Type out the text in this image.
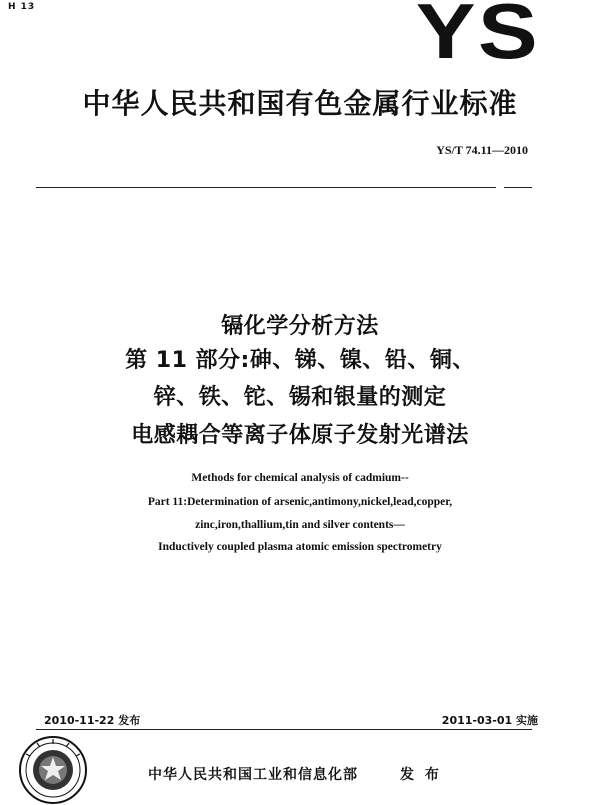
H 13	YS
中华人民共和国有色金属行业标准
YS/T 74.11—2010
镉化学分析方法
第 11 部分:砷、锑、镍、铅、铜、
锌、铁、铊、锡和银量的测定
电感耦合等离子体原子发射光谱法
Methods for chemical analysis of cadmium--
Part 11:Determination of arsenic,antimony,nickel,lead,copper,
zinc,iron,thallium,tin and silver contents—
Inductively coupled plasma atomic emission spectrometry
2010-11-22 发布	2011-03-01 实施
中华人民共和国工业和信息化部	发 布
